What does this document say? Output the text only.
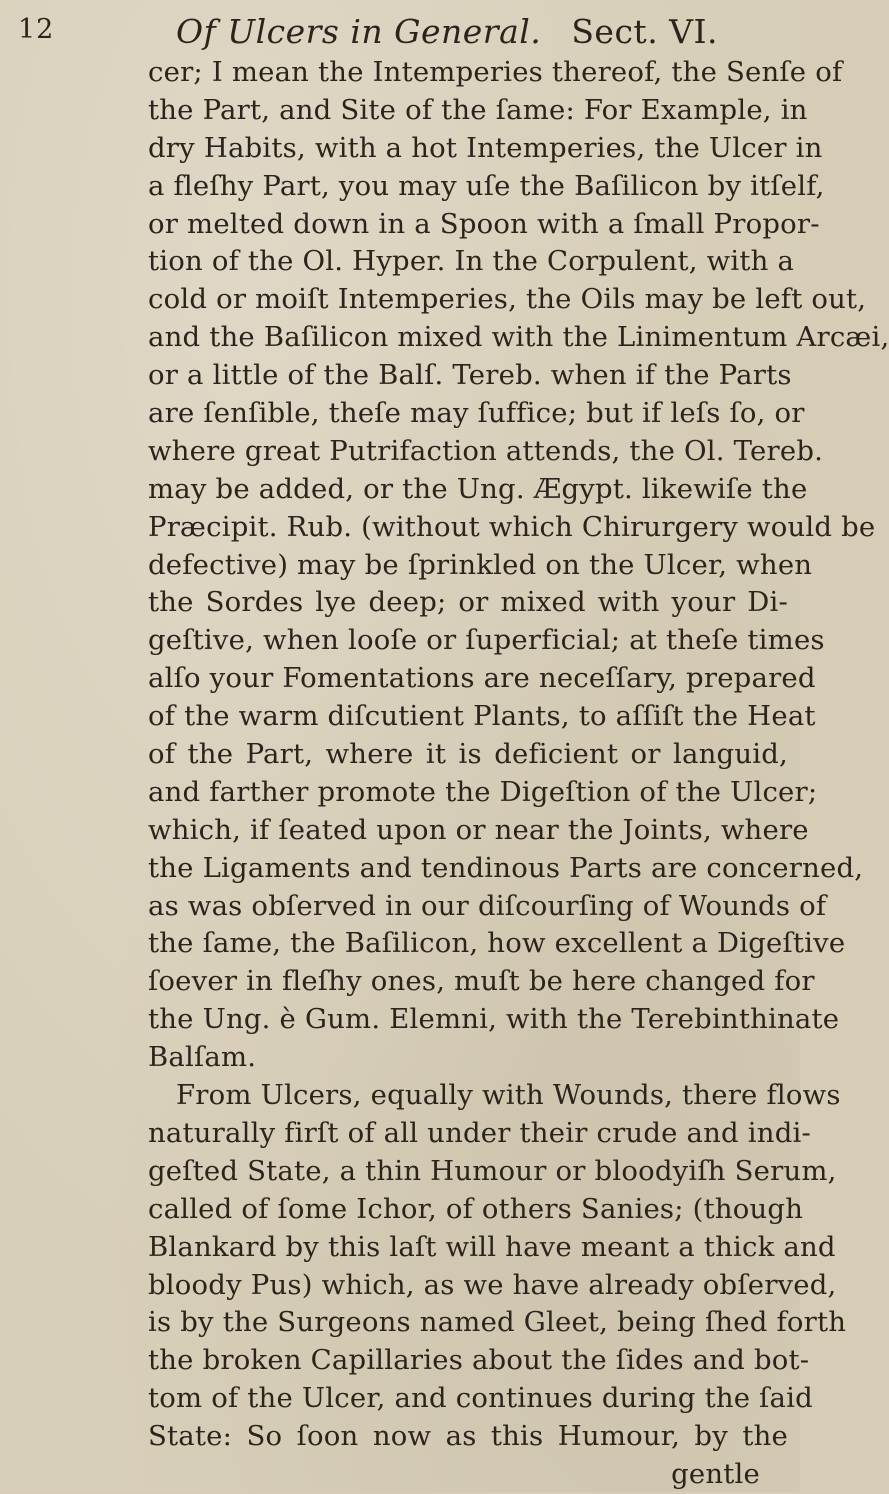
12	Of Ulcers in General. Sect. VI.
cer; I mean the Intemperies thereof, the Senſe of
the Part, and Site of the ſame: For Example, in
dry Habits, with a hot Intemperies, the Ulcer in
a fleſhy Part, you may uſe the Baſilicon by itſelf,
or melted down in a Spoon with a ſmall Propor-
tion of the Ol. Hyper. In the Corpulent, with a
cold or moiſt Intemperies, the Oils may be left out,
and the Baſilicon mixed with the Linimentum Arcæi,
or a little of the Balſ. Tereb. when if the Parts
are ſenſible, theſe may ſuffice; but if leſs ſo, or
where great Putrifaction attends, the Ol. Tereb.
may be added, or the Ung. Ægypt. likewiſe the
Præcipit. Rub. (without which Chirurgery would be
defective) may be ſprinkled on the Ulcer, when
the Sordes lye deep; or mixed with your Di-
geſtive, when looſe or ſuperficial; at theſe times
alſo your Fomentations are neceſſary, prepared
of the warm diſcutient Plants, to aſſiſt the Heat
of the Part, where it is deficient or languid,
and farther promote the Digeſtion of the Ulcer;
which, if ſeated upon or near the Joints, where
the Ligaments and tendinous Parts are concerned,
as was obſerved in our diſcourſing of Wounds of
the ſame, the Baſilicon, how excellent a Digeſtive
ſoever in fleſhy ones, muſt be here changed for
the Ung. è Gum. Elemni, with the Terebinthinate
Balſam.
From Ulcers, equally with Wounds, there flows
naturally firſt of all under their crude and indi-
geſted State, a thin Humour or bloodyiſh Serum,
called of ſome Ichor, of others Sanies; (though
Blankard by this laſt will have meant a thick and
bloody Pus) which, as we have already obſerved,
is by the Surgeons named Gleet, being ſhed forth
the broken Capillaries about the ſides and bot-
tom of the Ulcer, and continues during the ſaid
State: So ſoon now as this Humour, by the
gentle
